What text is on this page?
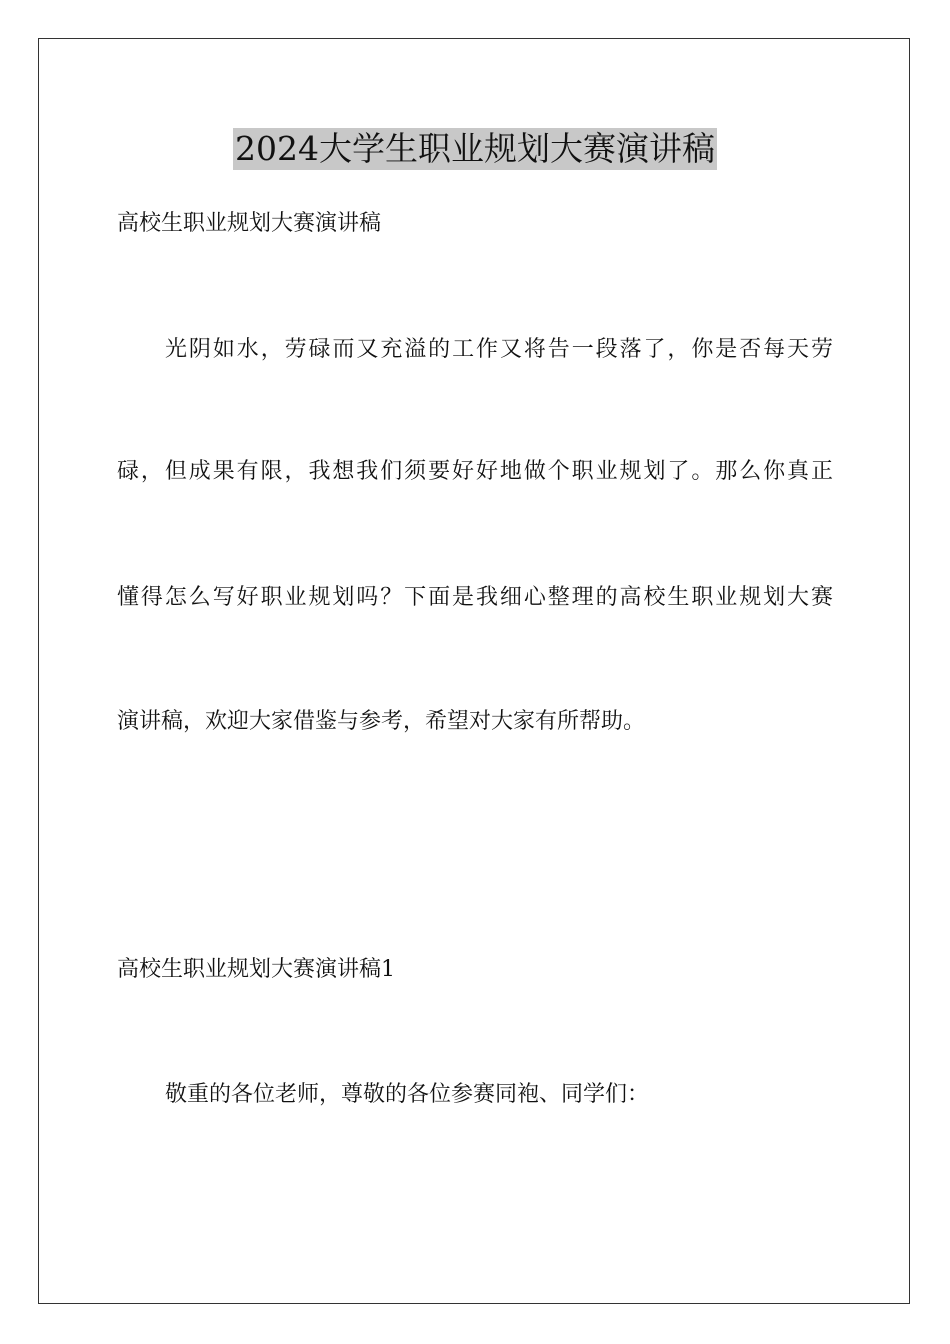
2024大学生职业规划大赛演讲稿
高校生职业规划大赛演讲稿
光阴如水，劳碌而又充溢的工作又将告一段落了，你是否每天劳
碌，但成果有限，我想我们须要好好地做个职业规划了。那么你真正
懂得怎么写好职业规划吗？下面是我细心整理的高校生职业规划大赛
演讲稿，欢迎大家借鉴与参考，希望对大家有所帮助。
高校生职业规划大赛演讲稿1
敬重的各位老师，尊敬的各位参赛同袍、同学们：
